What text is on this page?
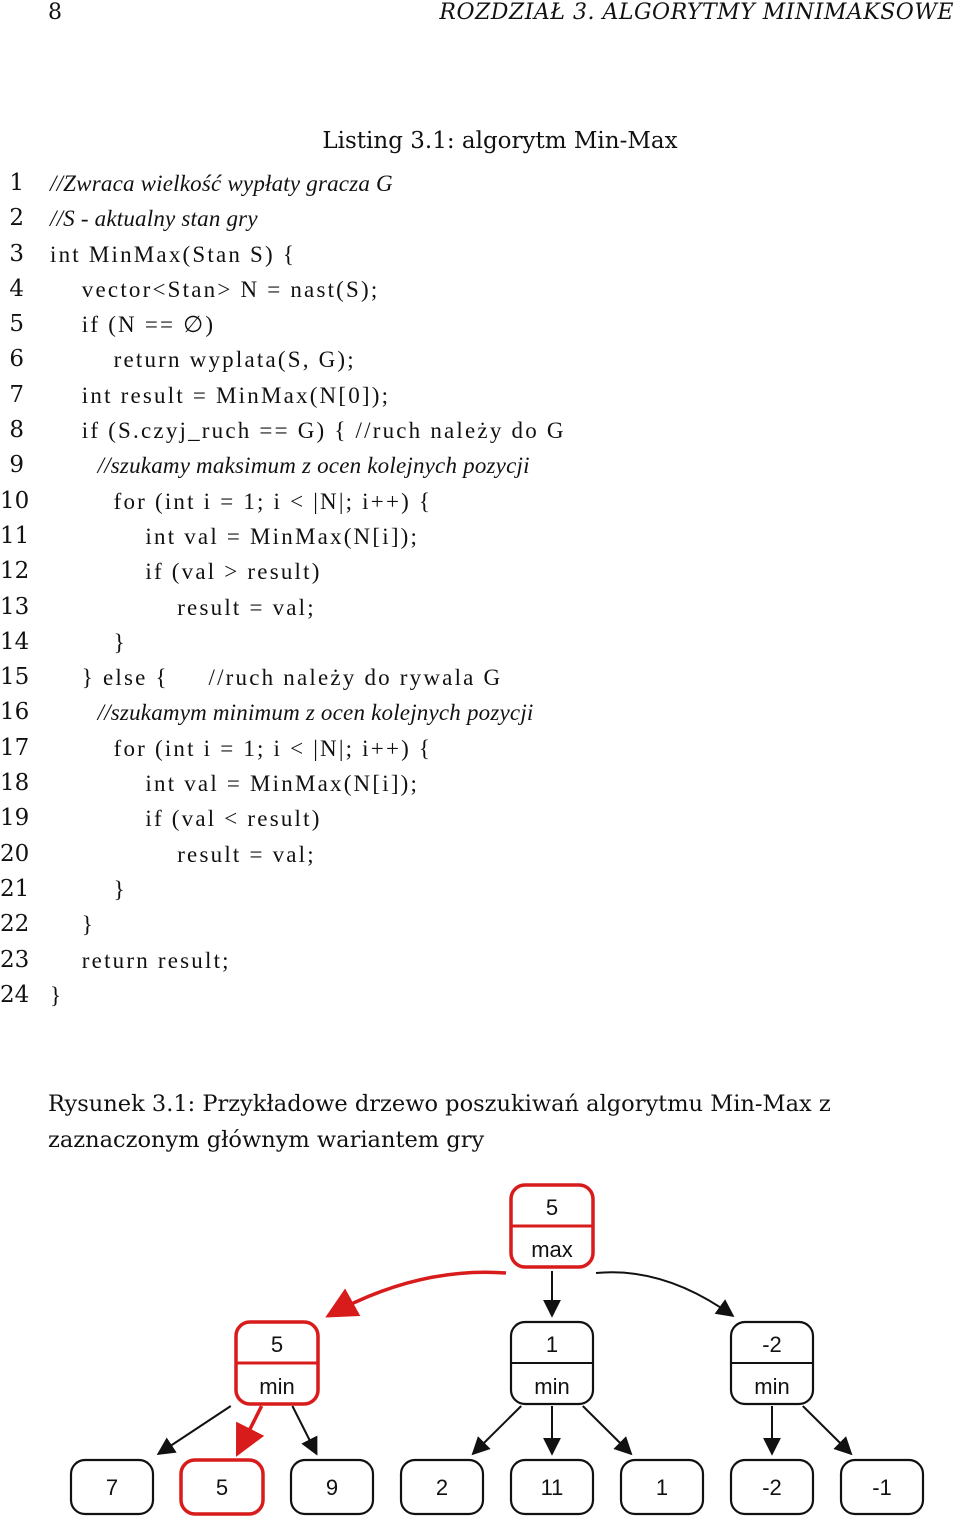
8	ROZDZIAŁ 3. ALGORYTMY MINIMAKSOWE
Listing 3.1: algorytm Min-Max
1 //Zwraca wielkość wypłaty gracza G
2 //S - aktualny stan gry
3 int MinMax(Stan S) {
4 vector<Stan> N = nast(S);
5 if (N == ∅)
6 return wyplata(S, G);
7 int result = MinMax(N[0]);
8 if (S.czyj_ruch == G) { //ruch należy do G
9 //szukamy maksimum z ocen kolejnych pozycji
10 for (int i = 1; i < |N|; i++) {
11 int val = MinMax(N[i]);
12 if (val > result)
13 result = val;
14 }
15 } else {     //ruch należy do rywala G
16 //szukamym minimum z ocen kolejnych pozycji
17 for (int i = 1; i < |N|; i++) {
18 int val = MinMax(N[i]);
19 if (val < result)
20 result = val;
21 }
22 }
23 return result;
24 }
Rysunek 3.1: Przykładowe drzewo poszukiwań algorytmu Min-Max z zaznaczonym głównym wariantem gry
5
max
5
min
1
min
-2
min
7	5	9	2	11	1	-2	-1
